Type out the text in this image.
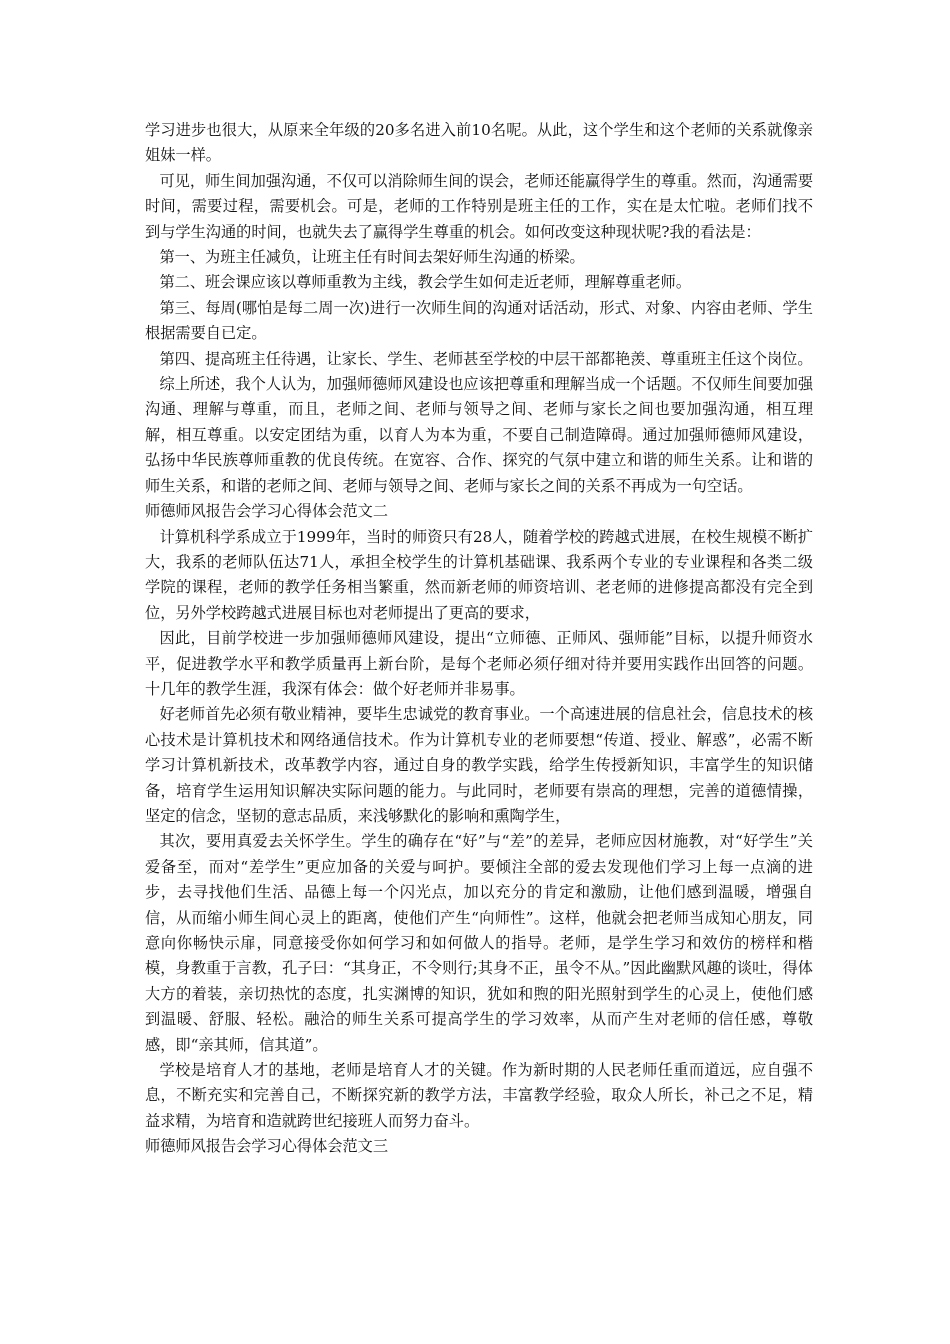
学习进步也很大，从原来全年级的20多名进入前10名呢。从此，这个学生和这个老师的关系就像亲姐妹一样。

可见，师生间加强沟通，不仅可以消除师生间的误会，老师还能赢得学生的尊重。然而，沟通需要时间，需要过程，需要机会。可是，老师的工作特别是班主任的工作，实在是太忙啦。老师们找不到与学生沟通的时间，也就失去了赢得学生尊重的机会。如何改变这种现状呢?我的看法是：

第一、为班主任减负，让班主任有时间去架好师生沟通的桥梁。

第二、班会课应该以尊师重教为主线，教会学生如何走近老师，理解尊重老师。

第三、每周(哪怕是每二周一次)进行一次师生间的沟通对话活动，形式、对象、内容由老师、学生根据需要自已定。

第四、提高班主任待遇，让家长、学生、老师甚至学校的中层干部都艳羡、尊重班主任这个岗位。

综上所述，我个人认为，加强师德师风建设也应该把尊重和理解当成一个话题。不仅师生间要加强沟通、理解与尊重，而且，老师之间、老师与领导之间、老师与家长之间也要加强沟通，相互理解，相互尊重。以安定团结为重，以育人为本为重，不要自己制造障碍。通过加强师德师风建设，弘扬中华民族尊师重教的优良传统。在宽容、合作、探究的气氛中建立和谐的师生关系。让和谐的师生关系，和谐的老师之间、老师与领导之间、老师与家长之间的关系不再成为一句空话。

师德师风报告会学习心得体会范文二

计算机科学系成立于1999年，当时的师资只有28人，随着学校的跨越式进展，在校生规模不断扩大，我系的老师队伍达71人，承担全校学生的计算机基础课、我系两个专业的专业课程和各类二级学院的课程，老师的教学任务相当繁重，然而新老师的师资培训、老老师的进修提高都没有完全到位，另外学校跨越式进展目标也对老师提出了更高的要求，

因此，目前学校进一步加强师德师风建设，提出“立师德、正师风、强师能”目标，以提升师资水平，促进教学水平和教学质量再上新台阶，是每个老师必须仔细对待并要用实践作出回答的问题。十几年的教学生涯，我深有体会：做个好老师并非易事。

好老师首先必须有敬业精神，要毕生忠诚党的教育事业。一个高速进展的信息社会，信息技术的核心技术是计算机技术和网络通信技术。作为计算机专业的老师要想“传道、授业、解惑”，必需不断学习计算机新技术，改革教学内容，通过自身的教学实践，给学生传授新知识，丰富学生的知识储备，培育学生运用知识解决实际问题的能力。与此同时，老师要有崇高的理想，完善的道德情操，坚定的信念，坚韧的意志品质，来浅够默化的影响和熏陶学生，

其次，要用真爱去关怀学生。学生的确存在“好”与“差”的差异，老师应因材施教，对“好学生”关爱备至，而对“差学生”更应加备的关爱与呵护。要倾注全部的爱去发现他们学习上每一点滴的进步，去寻找他们生活、品德上每一个闪光点，加以充分的肯定和激励，让他们感到温暖，增强自信，从而缩小师生间心灵上的距离，使他们产生“向师性”。这样，他就会把老师当成知心朋友，同意向你畅快示扉，同意接受你如何学习和如何做人的指导。老师，是学生学习和效仿的榜样和楷模，身教重于言教，孔子曰：“其身正，不令则行;其身不正，虽令不从。”因此幽默风趣的谈吐，得体大方的着装，亲切热忱的态度，扎实渊博的知识，犹如和煦的阳光照射到学生的心灵上，使他们感到温暖、舒服、轻松。融洽的师生关系可提高学生的学习效率，从而产生对老师的信任感，尊敬感，即“亲其师，信其道”。

学校是培育人才的基地，老师是培育人才的关键。作为新时期的人民老师任重而道远，应自强不息，不断充实和完善自己，不断探究新的教学方法，丰富教学经验，取众人所长，补己之不足，精益求精，为培育和造就跨世纪接班人而努力奋斗。

师德师风报告会学习心得体会范文三
